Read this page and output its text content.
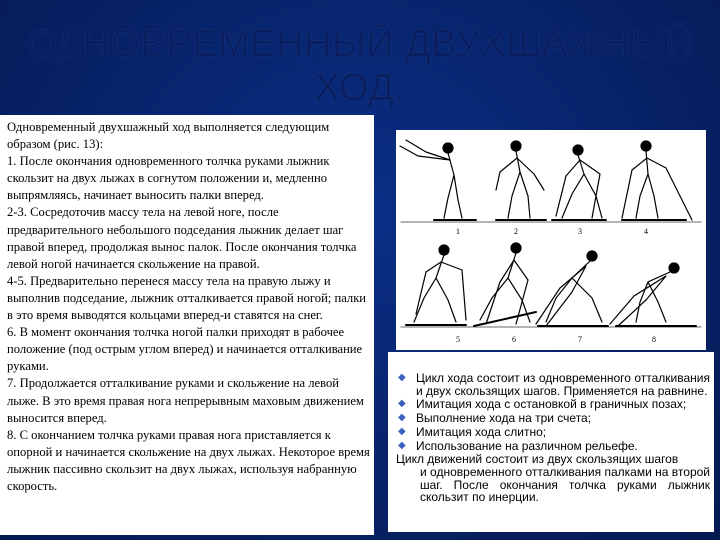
ОДНОВРЕМЕННЫЙ ДВУХШАЖНЫЙ
ХОД.

Одновременный двухшажный ход выполняется следующим образом (рис. 13):

1. После окончания одновременного толчка руками лыжник скользит на двух лыжах в согнутом положении и, медленно выпрямляясь, начинает выносить палки вперед.

2-3. Сосредоточив массу тела на левой ноге, после предварительного небольшого подседания лыжник делает шаг правой вперед, продолжая вынос палок. После окончания толчка левой ногой начинается скольжение на правой.

4-5. Предварительно перенеся массу тела на правую лыжу и выполнив подседание, лыжник отталкивается правой ногой; палки в это время выводятся кольцами вперед-и ставятся на снег.

6. В момент окончания толчка ногой палки приходят в рабочее положение (под острым углом вперед) и начинается отталкивание руками.

7. Продолжается отталкивание руками и скольжение на левой лыже. В это время правая нога непрерывным маховым движением выносится вперед.

8. С окончанием толчка руками правая нога приставляется к опорной и начинается скольжение на двух лыжах. Некоторое время лыжник пассивно скользит на двух лыжах, используя набранную скорость.

1	2	3	4
5	6	7	8
◆ Цикл хода состоит из одновременного отталкивания и двух скользящих шагов. Применяется на равнине.
◆ Имитация хода с остановкой в граничных позах;
◆ Выполнение хода на три счета;
◆ Имитация хода слитно;
◆ Использование на различном рельефе.
Цикл движений состоит из двух скользящих шагов
и одновременного отталкивания палками на второй шаг. После окончания толчка руками лыжник скользит по инерции.
